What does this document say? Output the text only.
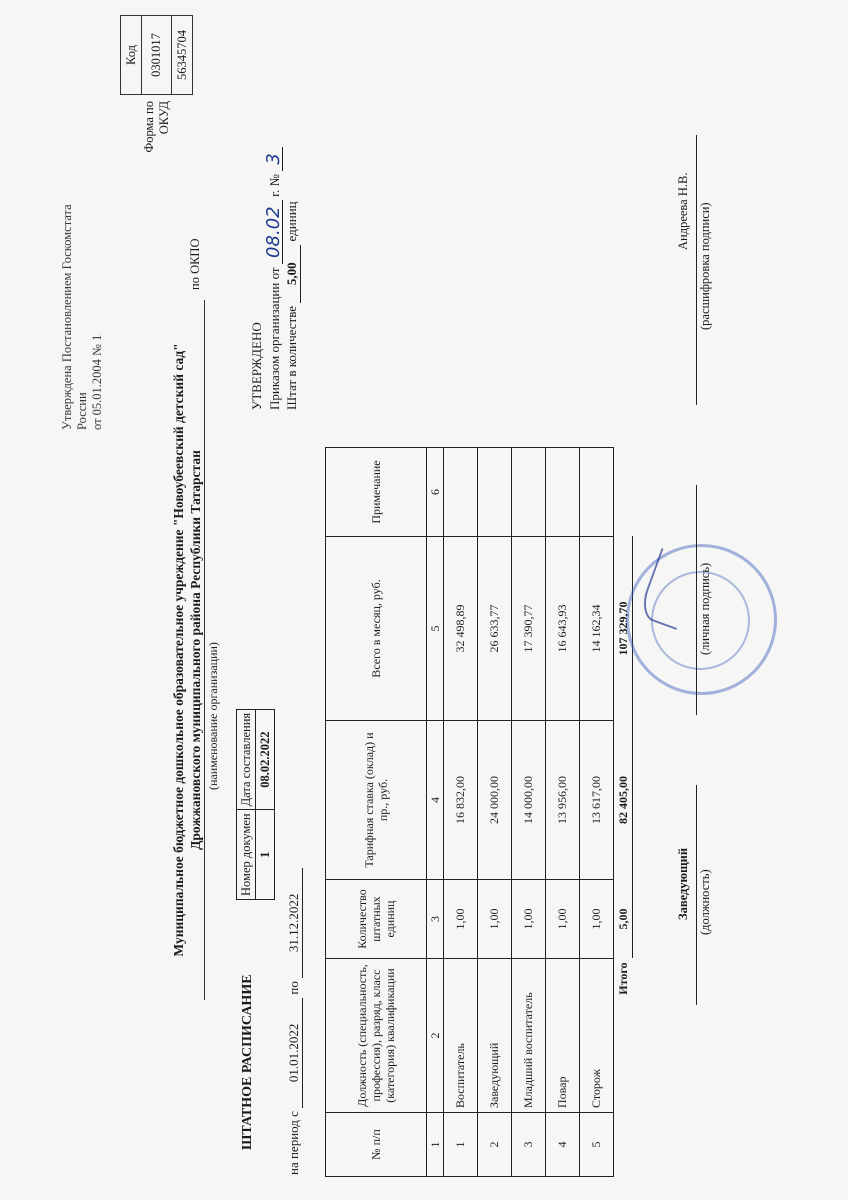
Утверждена Постановлением Госкомстата России от 05.01.2004 № 1
	Код
Форма по ОКУД	0301017
	56345704
Муниципальное бюджетное дошкольное образовательное учреждение "Новоубеевский детский сад" Дрожжановского муниципального района Республики Татарстан (наименование организации)
по ОКПО
Номер докумен	Дата составления
1	08.02.2022
ШТАТНОЕ РАСПИСАНИЕ на период с 01.01.2022 по 31.12.2022
УТВЕРЖДЕНО Приказом организации от 08.02 г. № 3
Штат в количестве 5,00 единиц
№ п/п	Должность (специальность, профессия), разряд, класс (категория) квалификации	Количество штатных единиц	Тарифная ставка (оклад) и пр., руб.	Всего в месяц, руб.	Примечание
1	2	3	4	5	6
1	Воспитатель	1,00	16 832,00	32 498,89	
2	Заведующий	1,00	24 000,00	26 633,77	
3	Младший воспитатель	1,00	14 000,00	17 390,77	
4	Повар	1,00	13 956,00	16 643,93	
5	Сторож	1,00	13 617,00	14 162,34	
Итого		5,00	82 405,00	107 329,70	
Заведующий (должность)
(личная подпись)
Андреева Н.В. (расшифровка подписи)
